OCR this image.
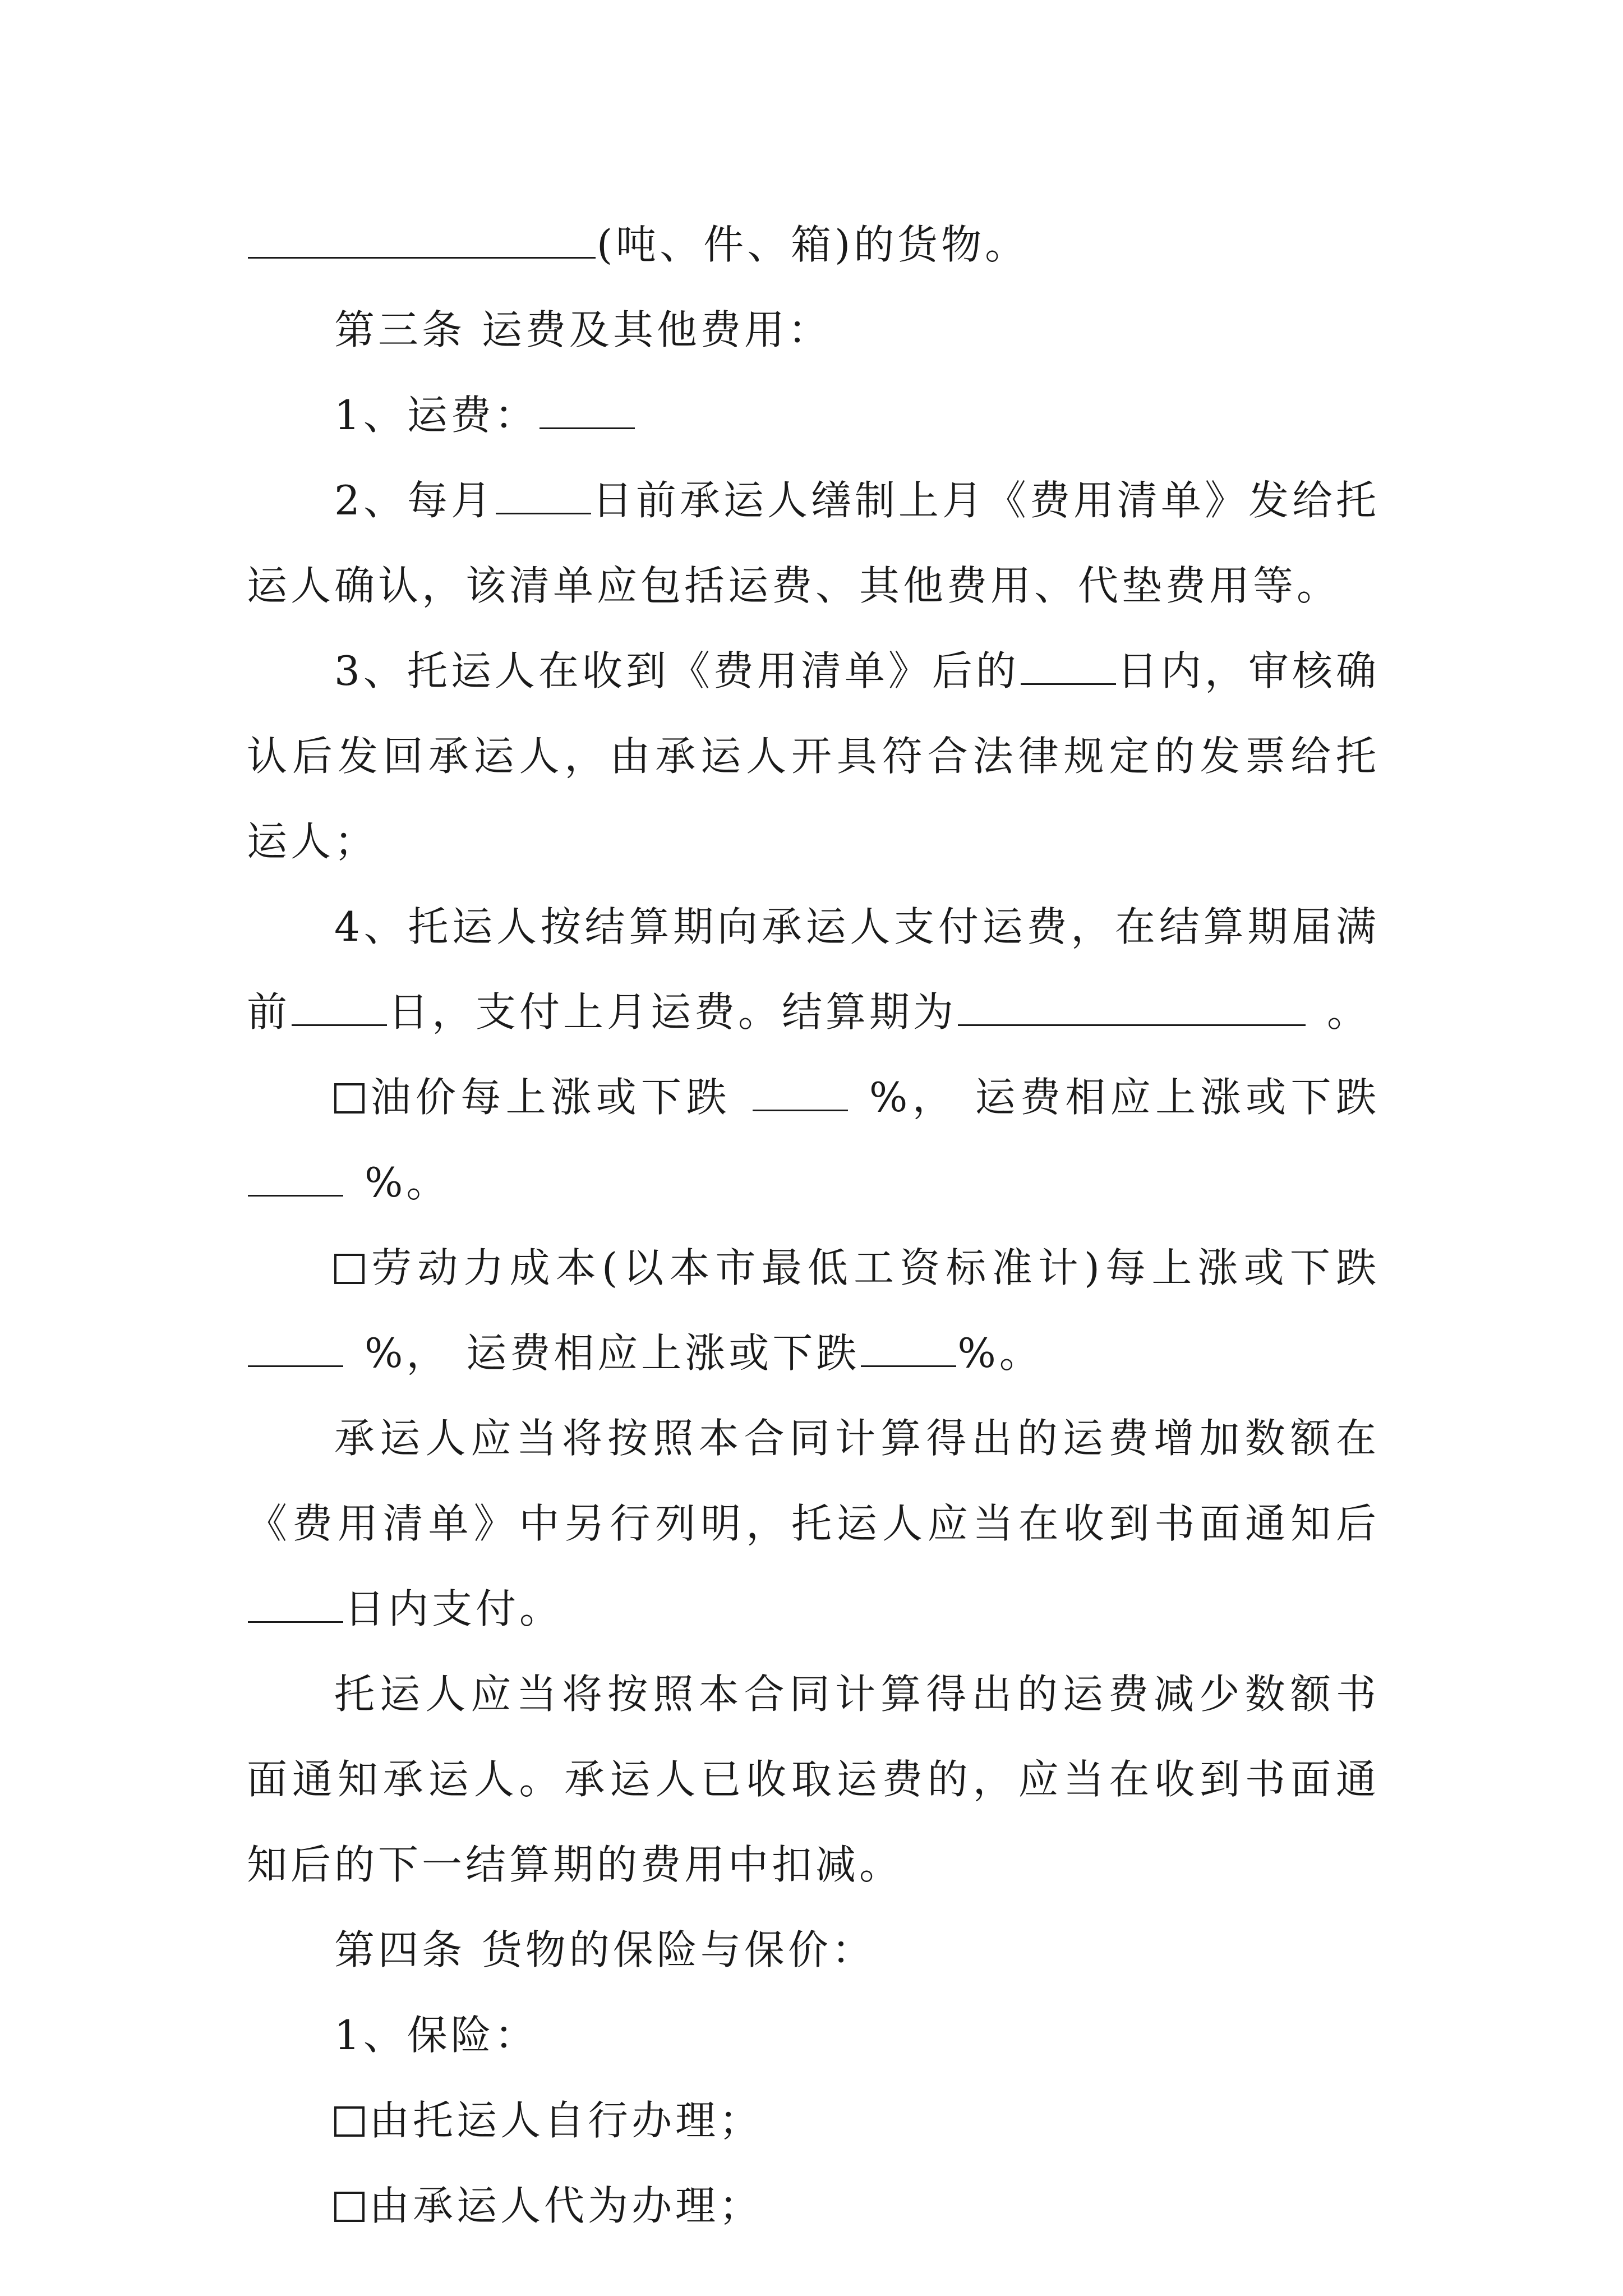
(吨、件、箱)的货物。

第三条 运费及其他费用：

1、运费：

2、每月 日前承运人缮制上月《费用清单》发给托运人确认，该清单应包括运费、其他费用、代垫费用等。

3、托运人在收到《费用清单》后的 日内，审核确认后发回承运人，由承运人开具符合法律规定的发票给托运人；

4、托运人按结算期向承运人支付运费，在结算期届满前 日，支付上月运费。结算期为	。

油价每上涨或下跌	%， 运费相应上涨或下跌%。

劳动力成本(以本市最低工资标准计)每上涨或下跌%， 运费相应上涨或下跌 %。

承运人应当将按照本合同计算得出的运费增加数额在《费用清单》中另行列明，托运人应当在收到书面通知后日内支付。

托运人应当将按照本合同计算得出的运费减少数额书面通知承运人。承运人已收取运费的，应当在收到书面通知后的下一结算期的费用中扣减。

第四条 货物的保险与保价：

1、保险：

由托运人自行办理；

由承运人代为办理；
